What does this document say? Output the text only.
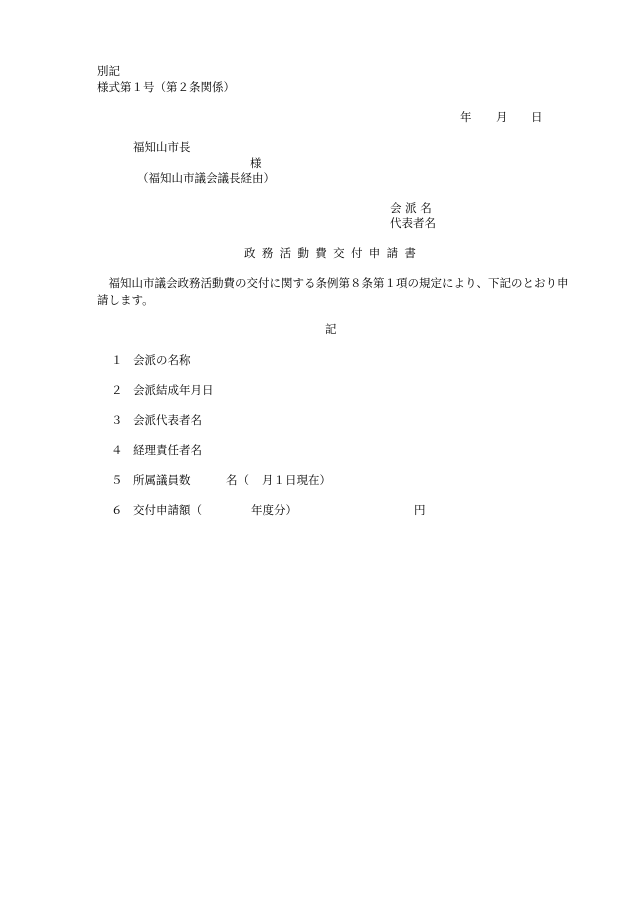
別記
様式第１号（第２条関係）
年 月 日
福知山市長
様
（福知山市議会議長経由）
会 派 名
代表者名
政務活動費交付申請書
福知山市議会政務活動費の交付に関する条例第８条第１項の規定により、下記のとおり申請します。
記
１ 会派の名称
２ 会派結成年月日
３ 会派代表者名
４ 経理責任者名
５ 所属議員数	名（ 月１日現在）
６ 交付申請額（	年度分）	円
